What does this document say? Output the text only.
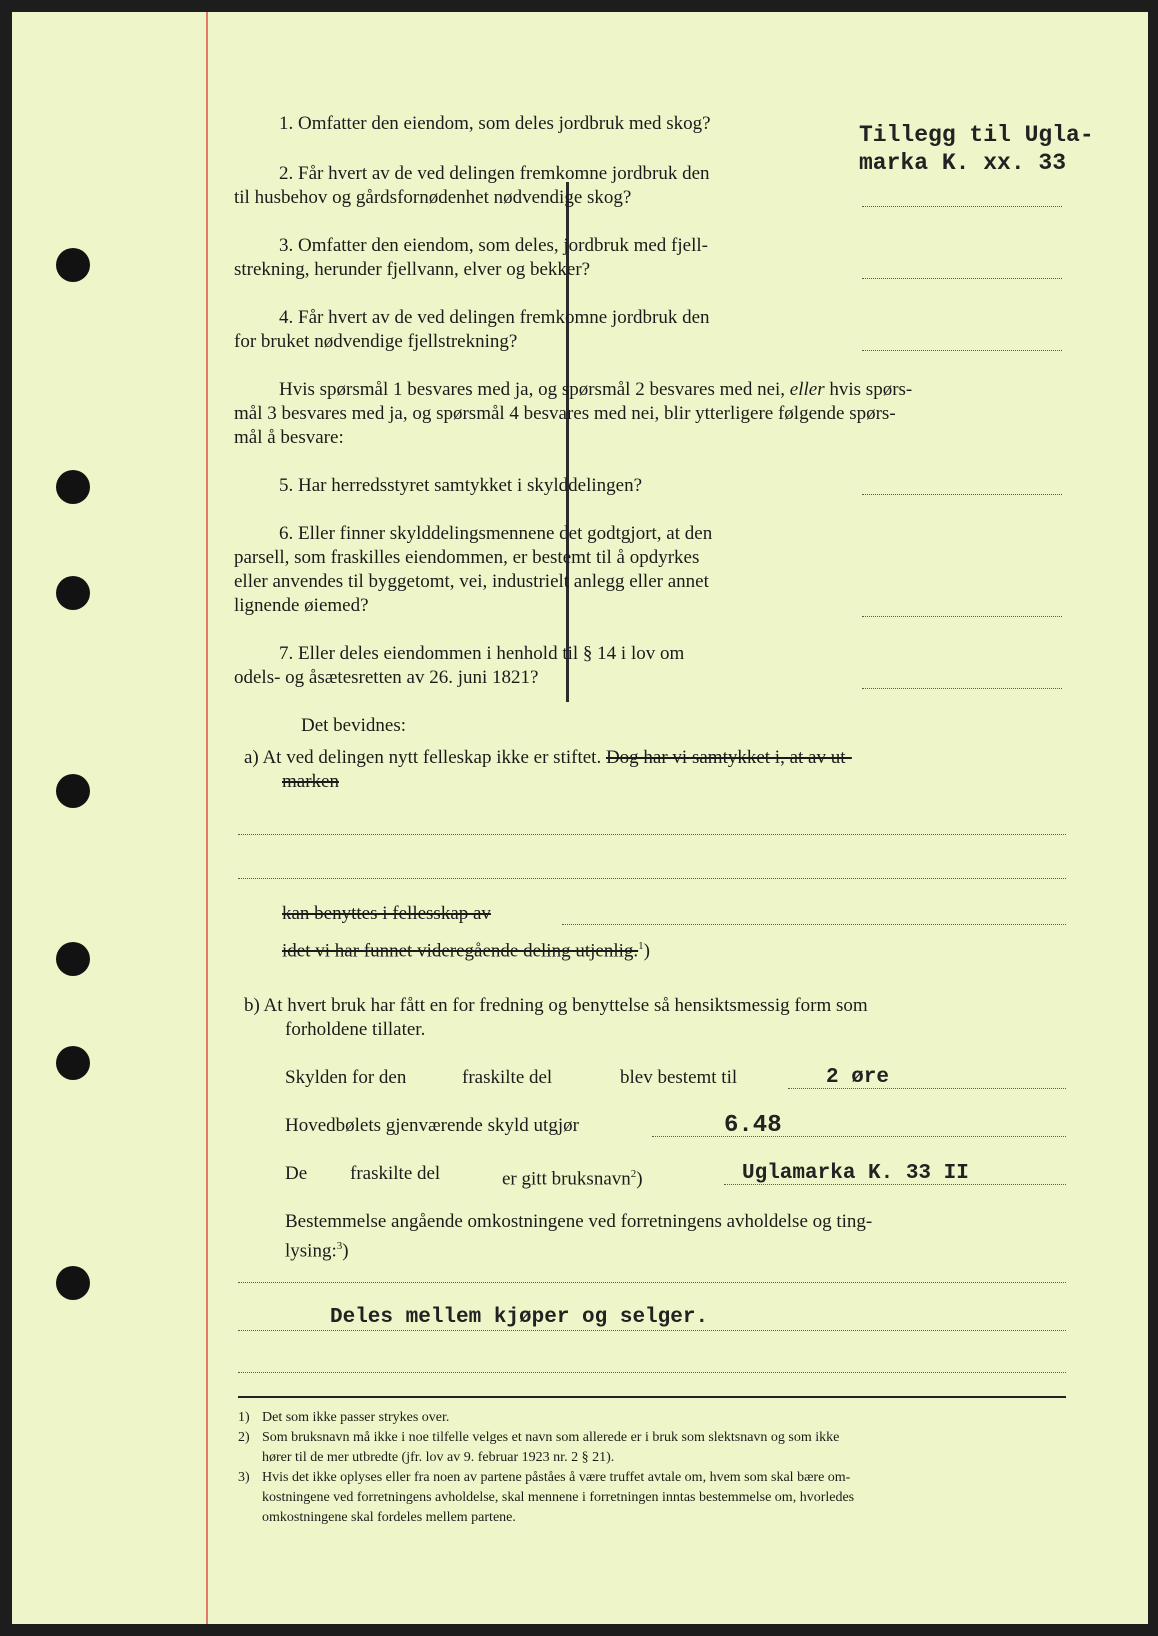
1. Omfatter den eiendom, som deles jordbruk med skog?	Tillegg til Ugla-
marka K. xx. 33
2. Får hvert av de ved delingen fremkomne jordbruk den
til husbehov og gårdsfornødenhet nødvendige skog?
3. Omfatter den eiendom, som deles, jordbruk med fjell-
strekning, herunder fjellvann, elver og bekker?
4. Får hvert av de ved delingen fremkomne jordbruk den
for bruket nødvendige fjellstrekning?
Hvis spørsmål 1 besvares med ja, og spørsmål 2 besvares med nei, eller hvis spørs-
mål 3 besvares med ja, og spørsmål 4 besvares med nei, blir ytterligere følgende spørs-
mål å besvare:
5. Har herredsstyret samtykket i skylddelingen?
6. Eller finner skylddelingsmennene det godtgjort, at den
parsell, som fraskilles eiendommen, er bestemt til å opdyrkes
eller anvendes til byggetomt, vei, industrielt anlegg eller annet
lignende øiemed?
7. Eller deles eiendommen i henhold til § 14 i lov om
odels- og åsætesretten av 26. juni 1821?
Det bevidnes:
a) At ved delingen nytt felleskap ikke er stiftet. Dog har vi samtykket i, at av ut-
marken
kan benyttes i fellesskap av
idet vi har funnet videregående deling utjenlig.$^1$)
b) At hvert bruk har fått en for fredning og benyttelse så hensiktsmessig form som
forholdene tillater.
Skylden for den	fraskilte del	blev bestemt til	2 øre
Hovedbølets gjenværende skyld utgjør	6.48
De fraskilte del	er gitt bruksnavn$^2$)	Uglamarka K. 33 II
Bestemmelse angående omkostningene ved forretningens avholdelse og ting-
lysing:$^3$)
Deles mellem kjøper og selger.
1) Det som ikke passer strykes over.
2) Som bruksnavn må ikke i noe tilfelle velges et navn som allerede er i bruk som slektsnavn og som ikke
hører til de mer utbredte (jfr. lov av 9. februar 1923 nr. 2 § 21).
3) Hvis det ikke oplyses eller fra noen av partene påståes å være truffet avtale om, hvem som skal bære om-
kostningene ved forretningens avholdelse, skal mennene i forretningen inntas bestemmelse om, hvorledes
omkostningene skal fordeles mellem partene.
